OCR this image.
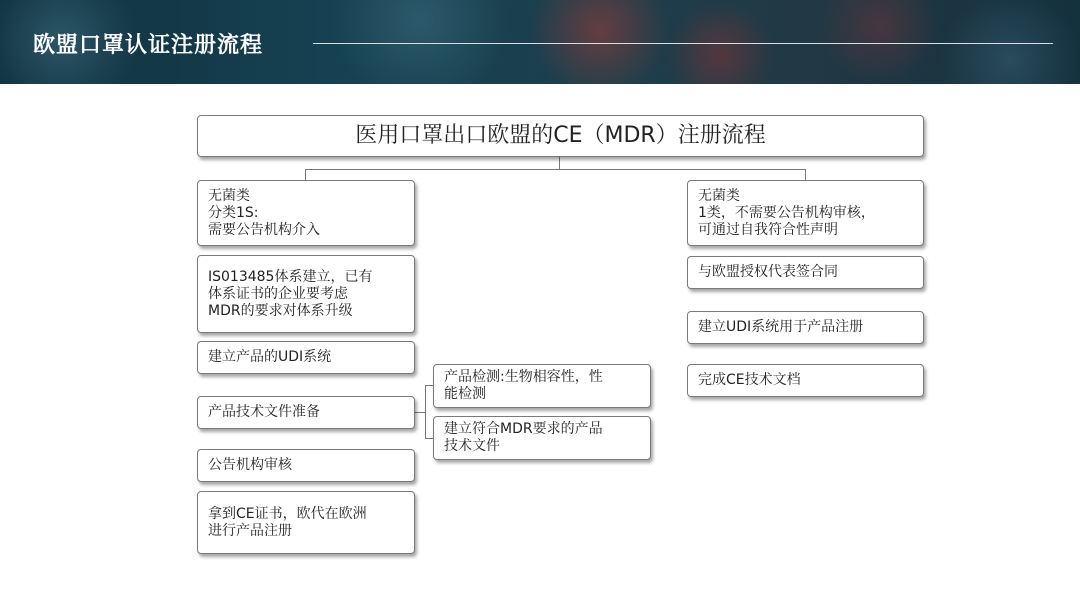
欧盟口罩认证注册流程
医用口罩出口欧盟的CE（MDR）注册流程
无菌类
分类1S:
需要公告机构介入
IS013485体系建立，已有
体系证书的企业要考虑
MDR的要求对体系升级
建立产品的UDI系统
产品技术文件准备
公告机构审核
拿到CE证书，欧代在欧洲
进行产品注册
产品检测:生物相容性，性
能检测
建立符合MDR要求的产品
技术文件
无菌类
1类，不需要公告机构审核，
可通过自我符合性声明
与欧盟授权代表签合同
建立UDI系统用于产品注册
完成CE技术文档
